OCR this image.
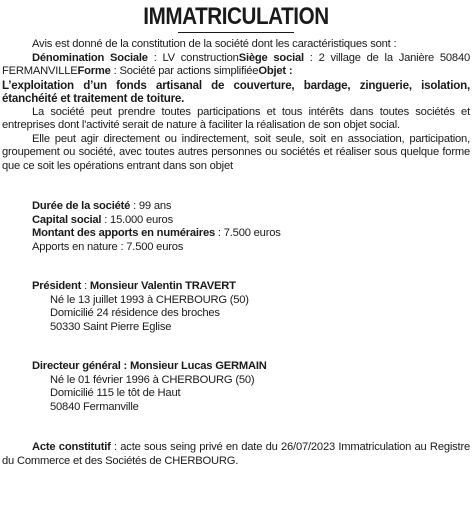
IMMATRICULATION

Avis est donné de la constitution de la société dont les caractéristiques sont :

Dénomination Sociale : LV constructionSiège social : 2 village de la Janière 50840 FERMANVILLEForme : Société par actions simplifiéeObjet :

L’exploitation d’un fonds artisanal de couverture, bardage, zinguerie, isolation, étanchéité et traitement de toiture.

La société peut prendre toutes participations et tous intérêts dans toutes sociétés et entreprises dont l'activité serait de nature à faciliter la réalisation de son objet social.

Elle peut agir directement ou indirectement, soit seule, soit en association, participation, groupement ou société, avec toutes autres personnes ou sociétés et réaliser sous quelque forme que ce soit les opérations entrant dans son objet

Durée de la société : 99 ans

Capital social : 15.000 euros

Montant des apports en numéraires : 7.500 euros

Apports en nature : 7.500 euros

Président : Monsieur Valentin TRAVERT

Né le 13 juillet 1993 à CHERBOURG (50)

Domicilié 24 résidence des broches

50330 Saint Pierre Eglise

Directeur général : Monsieur Lucas GERMAIN

Né le 01 février 1996 à CHERBOURG (50)

Domicilié 115 le tôt de Haut

50840 Fermanville

Acte constitutif : acte sous seing privé en date du 26/07/2023 Immatriculation au Registre du Commerce et des Sociétés de CHERBOURG.
